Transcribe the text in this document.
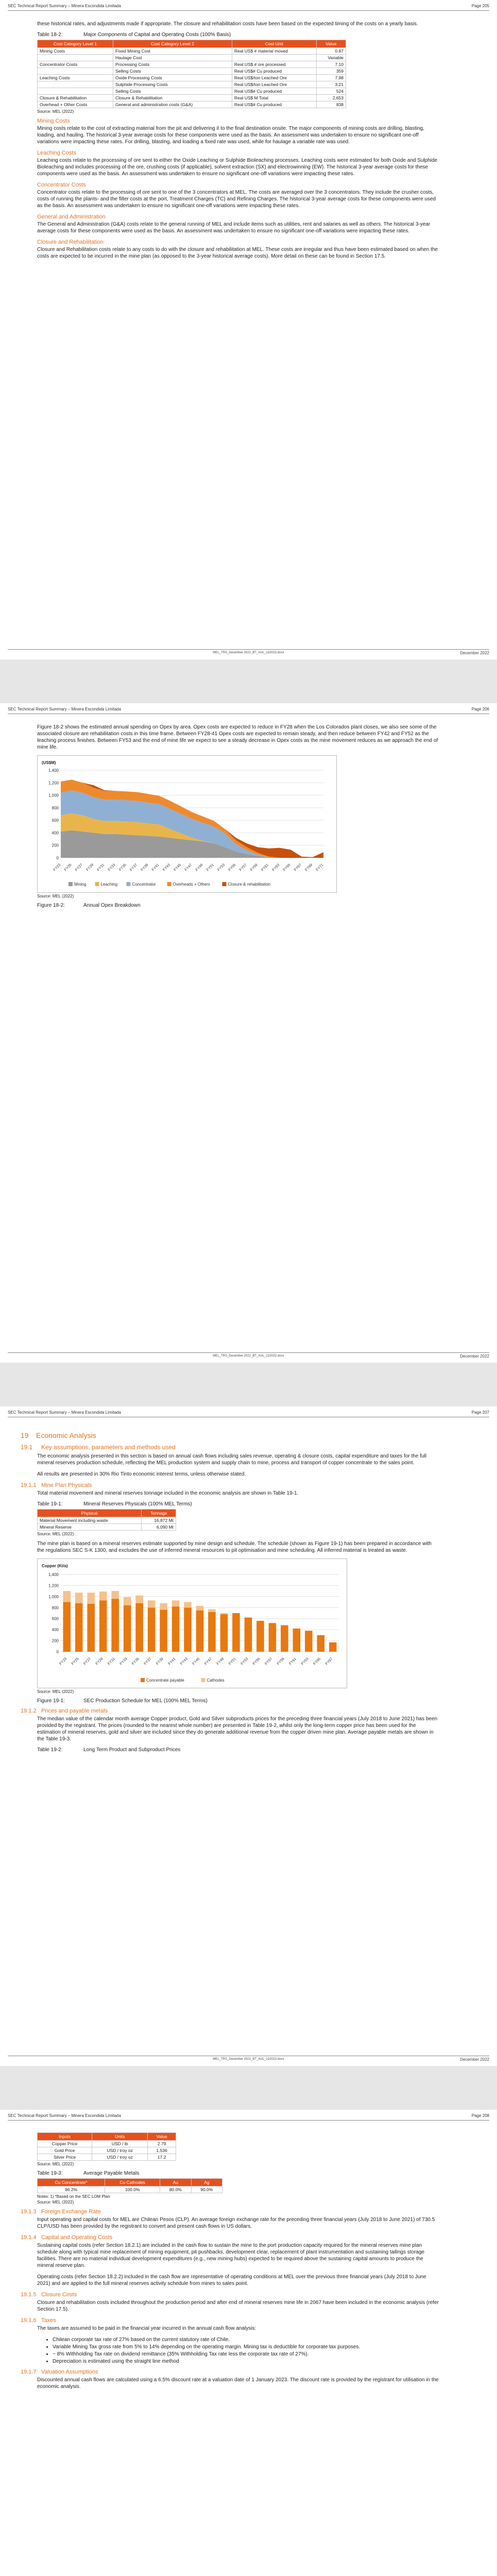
SEC Technical Report Summary – Minera Escondida Limitada	Page 205

these historical rates, and adjustments made if appropriate. The closure and rehabilitation costs have been based on the expected timing of the costs on a yearly basis.

Table 18-2:	Major Components of Capital and Operating Costs (100% Basis)
Cost Category Level 1	Cost Category Level 2	Cost Unit	Value
Mining Costs	Fixed Mining Cost	Real US$ # material moved	0.87
	Haulage Cost		Variable
Concentrator Costs	Processing Costs	Real US$ # ore processed	7.10
	Selling Costs	Real US$# Cu produced	359
Leaching Costs	Oxide Processing Costs	Real US$/ton Leached Ore	7.98
	Sulphide Processing Costs	Real US$/ton Leached Ore	3.21
	Selling Costs	Real US$# Cu produced	524
Closure & Rehabilitation	Closure & Rehabilitation	Real US$ M Total	2,653
Overhead + Other Costs	General and administration costs (G&A)	Real US$# Cu produced	838
Source: MEL (2022)
Mining Costs

Mining costs relate to the cost of extracting material from the pit and delivering it to the final destination onsite. The major components of mining costs are drilling, blasting, loading, and hauling. The historical 3-year average costs for these components were used as the basis. An assessment was undertaken to ensure no significant one-off variations were impacting these rates. For drilling, blasting, and loading a fixed rate was used, while for haulage a variable rate was used.

Leaching Costs

Leaching costs relate to the processing of ore sent to either the Oxide Leaching or Sulphide Bioleaching processes. Leaching costs were estimated for both Oxide and Sulphide Bioleaching and includes processing of the ore, crushing costs (if applicable), solvent extraction (SX) and electrowinning (EW). The historical 3-year average costs for these components were used as the basis. An assessment was undertaken to ensure no significant one-off variations were impacting these rates.

Concentrator Costs

Concentrator costs relate to the processing of ore sent to one of the 3 concentrators at MEL. The costs are averaged over the 3 concentrators. They include the crusher costs, costs of running the plants- and the filter costs at the port, Treatment Charges (TC) and Refining Charges. The historical 3-year average costs for these components were used as the basis. An assessment was undertaken to ensure no significant one-off variations were impacting these rates.

General and Administration

The General and Administration (G&A) costs relate to the general running of MEL and include items such as utilities, rent and salaries as well as others. The historical 3-year average costs for these components were used as the basis. An assessment was undertaken to ensure no significant one-off variations were impacting these rates.

Closure and Rehabilitation

Closure and Rehabilitation costs relate to any costs to do with the closure and rehabilitation at MEL. These costs are irregular and thus have been estimated based on when the costs are expected to be incurred in the mine plan (as opposed to the 3-year historical average costs). More detail on these can be found in Section 17.5.

MEL_TRS_December 2022_BT_AUL_LD2022.docx	December 2022
SEC Technical Report Summary – Minera Escondida Limitada	Page 206

Figure 18-2 shows the estimated annual spending on Opex by area. Opex costs are expected to reduce in FY28 when the Los Colorados plant closes, we also see some of the associated closure are rehabilitation costs in this time frame. Between FY28-41 Opex costs are expected to remain steady, and then reduce between FY42 and FY52 as the leaching process finishes. Between FY53 and the end of mine life we expect to see a steady decrease in Opex costs as the mine movement reduces as we approach the end of mine life.

(US$M)
0
200
400
600
800
1,000
1,200
1,400
FY23 FY25 FY27 FY29 FY31 FY33 FY35 FY37 FY39 FY41 FY43 FY45 FY47 FY49 FY51 FY53 FY55 FY57 FY59 FY61 FY63 FY65 FY67 FY69 FY71
Mining	Leaching	Concentrator	Overheads + Others	Closure & rehabilitation
Source: MEL (2022)
Figure 18-2:	Annual Opex Breakdown
MEL_TRS_December 2022_BT_AUL_LD2022.docx	December 2022
SEC Technical Report Summary – Minera Escondida Limitada	Page 207
19 Economic Analysis
19.1 Key assumptions, parameters and methods used

The economic analysis presented in this section is based on annual cash flows including sales revenue, operating & closure costs, capital expenditure and taxes for the full mineral reserves production schedule, reflecting the MEL production system and supply chain to mine, process and transport of copper concentrate to the sales point.

All results are presented in 30% Rio Tinto economic interest terms, unless otherwise stated.

19.1.1 Mine Plan Physicals

Total material movement and mineral reserves tonnage included in the economic analysis are shown in Table 19-1.

Table 19-1:	Mineral Reserves Physicals (100% MEL Terms)
Physical	Tonnage
Material Movement including waste	16,872 Mt
Mineral Reserve	6,090 Mt
Source: MEL (2022)

The mine plan is based on a mineral reserves estimate supported by mine design and schedule. The schedule (shown as Figure 19-1) has been prepared in accordance with the regulations SEC S-K 1300, and excludes the use of inferred mineral resources to pit optimisation and mine scheduling. All inferred material is treated as waste.

Copper (Kt/a)
0
200
400
600
800
1,000
1,200
1,400
FY23 FY25 FY27 FY29 FY31 FY33 FY35 FY37 FY39 FY41 FY43 FY45 FY47 FY49 FY51 FY53 FY55 FY57 FY59 FY61 FY63 FY65 FY67
Concentrate payable	Cathodes
Source: MEL (2022)
Figure 19-1:	SEC Production Schedule for MEL (100% MEL Terms)
19.1.2 Prices and payable metals

The median value of the calendar month average Copper product, Gold and Silver subproducts prices for the preceding three financial years (July 2018 to June 2021) has been provided by the registrant. The prices (rounded to the nearest whole number) are presented in Table 19-2, whilst only the long-term copper price has been used for the estimation of mineral reserves, gold and silver are included since they do generate additional revenue from the copper driven mine plan. Average payable metals are shown in the Table 19-3.

Table 19-2:	Long Term Product and Subproduct Prices
MEL_TRS_December 2022_BT_AUL_LD2022.docx	December 2022
SEC Technical Report Summary – Minera Escondida Limitada	Page 208
Inputs	Units	Value
Copper Price	USD / lb	2.79
Gold Price	USD / troy oz	1,536
Silver Price	USD / troy oz	17.2
Source: MEL (2022)
Table 19-3:	Average Payable Metals
Cu Concentrate*	Cu Cathodes	Au	Ag
96.2%	100.0%	80.0%	90.0%
Notes: 1) *Based on the SEC LOM Plan
Source: MEL (2022)
19.1.3 Foreign Exchange Rate

Input operating and capital costs for MEL are Chilean Pesos (CLP). An average foreign exchange rate for the preceding three financial years (July 2018 to June 2021) of 730.5 CLP/USD has been provided by the registrant to convert and present cash flows in US dollars.

19.1.4 Capital and Operating Costs

Sustaining capital costs (refer Section 18.2.1) are included in the cash flow to sustain the mine to the port production capacity required for the mineral reserves mine plan schedule along with typical mine replacement of mining equipment, pit pushbacks, development clear, replacement of plant instrumentation and sustaining tailings storage facilities. There are no material individual development expenditures (e.g., new mining hubs) expected to be required above the sustaining capital amounts to produce the mineral reserve plan.

Operating costs (refer Section 18.2.2) included in the cash flow are representative of operating conditions at MEL over the previous three financial years (July 2018 to June 2021) and are applied to the full mineral reserves activity schedule from mines to sales point.

19.1.5 Closure Costs

Closure and rehabilitation costs included throughout the production period and after end of mineral reserves mine life in 2067 have been included in the economic analysis (refer Section 17.5).

19.1.6 Taxes

The taxes are assumed to be paid in the financial year incurred in the annual cash flow analysis:

• Chilean corporate tax rate of 27% based on the current statutory rate of Chile.
• Variable Mining Tax gross rate from 5% to 14% depending on the operating margin. Mining tax is deductible for corporate tax purposes.
• ~ 8% Withholding Tax rate on dividend remittance (35% Withholding Tax rate less the corporate tax rate of 27%).
• Depreciation is estimated using the straight line method
19.1.7 Valuation Assumptions

Discounted annual cash flows are calculated using a 6.5% discount rate at a valuation date of 1 January 2023. The discount rate is provided by the registrant for utilisation in the economic analysis.
